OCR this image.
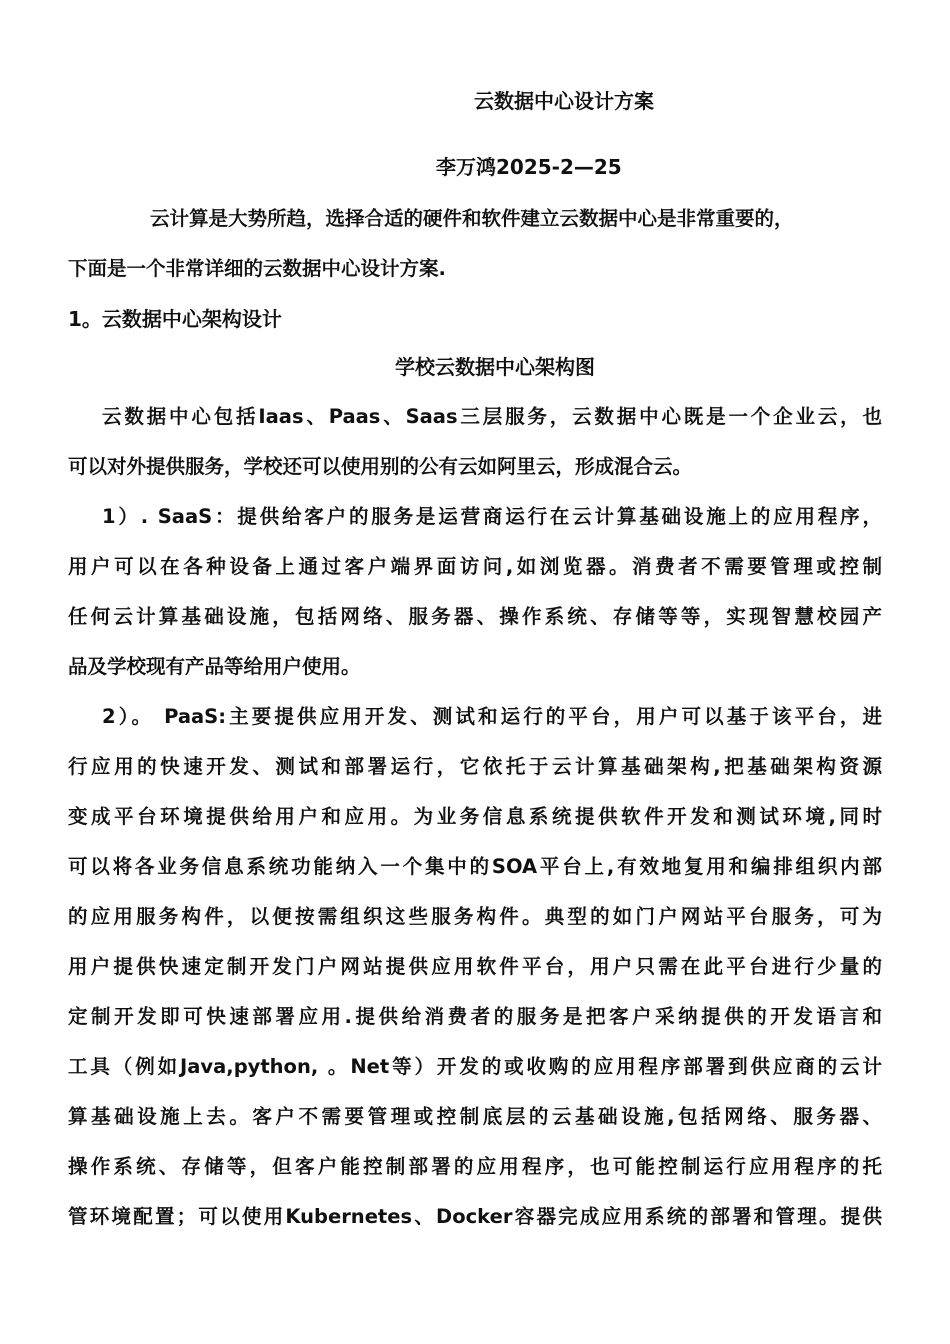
云数据中心设计方案
李万鸿2025-2—25
云计算是大势所趋，选择合适的硬件和软件建立云数据中心是非常重要的，
下面是一个非常详细的云数据中心设计方案.
1。云数据中心架构设计
学校云数据中心架构图
云数据中心包括Iaas、Paas、Saas三层服务，云数据中心既是一个企业云，也
可以对外提供服务，学校还可以使用别的公有云如阿里云，形成混合云。
1）. SaaS：提供给客户的服务是运营商运行在云计算基础设施上的应用程序，
用户可以在各种设备上通过客户端界面访问,如浏览器。消费者不需要管理或控制
任何云计算基础设施，包括网络、服务器、操作系统、存储等等，实现智慧校园产
品及学校现有产品等给用户使用。
2）。 PaaS:主要提供应用开发、测试和运行的平台，用户可以基于该平台，进
行应用的快速开发、测试和部署运行，它依托于云计算基础架构,把基础架构资源
变成平台环境提供给用户和应用。为业务信息系统提供软件开发和测试环境,同时
可以将各业务信息系统功能纳入一个集中的SOA平台上,有效地复用和编排组织内部
的应用服务构件，以便按需组织这些服务构件。典型的如门户网站平台服务，可为
用户提供快速定制开发门户网站提供应用软件平台，用户只需在此平台进行少量的
定制开发即可快速部署应用.提供给消费者的服务是把客户采纳提供的开发语言和
工具（例如Java,python, 。Net等）开发的或收购的应用程序部署到供应商的云计
算基础设施上去。客户不需要管理或控制底层的云基础设施,包括网络、服务器、
操作系统、存储等，但客户能控制部署的应用程序，也可能控制运行应用程序的托
管环境配置；可以使用Kubernetes、Docker容器完成应用系统的部署和管理。提供
